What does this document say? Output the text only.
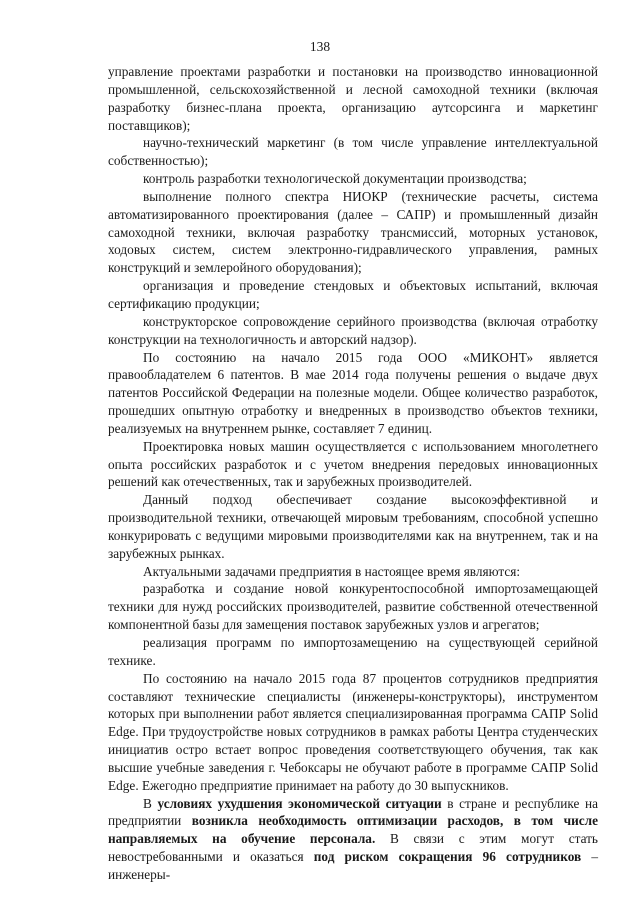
138

управление проектами разработки и постановки на производство инновационной промышленной, сельскохозяйственной и лесной самоходной техники (включая разработку бизнес-плана проекта, организацию аутсорсинга и маркетинг поставщиков);

научно-технический маркетинг (в том числе управление интеллектуальной собственностью);

контроль разработки технологической документации производства;

выполнение полного спектра НИОКР (технические расчеты, система автоматизированного проектирования (далее – САПР) и промышленный дизайн самоходной техники, включая разработку трансмиссий, моторных установок, ходовых систем, систем электронно-гидравлического управления, рамных конструкций и землеройного оборудования);

организация и проведение стендовых и объектовых испытаний, включая сертификацию продукции;

конструкторское сопровождение серийного производства (включая отработку конструкции на технологичность и авторский надзор).

По состоянию на начало 2015 года ООО «МИКОНТ» является правообладателем 6 патентов. В мае 2014 года получены решения о выдаче двух патентов Российской Федерации на полезные модели. Общее количество разработок, прошедших опытную отработку и внедренных в производство объектов техники, реализуемых на внутреннем рынке, составляет 7 единиц.

Проектировка новых машин осуществляется с использованием многолетнего опыта российских разработок и с учетом внедрения передовых инновационных решений как отечественных, так и зарубежных производителей.

Данный подход обеспечивает создание высокоэффективной и производительной техники, отвечающей мировым требованиям, способной успешно конкурировать с ведущими мировыми производителями как на внутреннем, так и на зарубежных рынках.

Актуальными задачами предприятия в настоящее время являются:

разработка и создание новой конкурентоспособной импортозамещающей техники для нужд российских производителей, развитие собственной отечественной компонентной базы для замещения поставок зарубежных узлов и агрегатов;

реализация программ по импортозамещению на существующей серийной технике.

По состоянию на начало 2015 года 87 процентов сотрудников предприятия составляют технические специалисты (инженеры-конструкторы), инструментом которых при выполнении работ является специализированная программа САПР Solid Edge. При трудоустройстве новых сотрудников в рамках работы Центра студенческих инициатив остро встает вопрос проведения соответствующего обучения, так как высшие учебные заведения г. Чебоксары не обучают работе в программе САПР Solid Edge. Ежегодно предприятие принимает на работу до 30 выпускников.

В условиях ухудшения экономической ситуации в стране и республике на предприятии возникла необходимость оптимизации расходов, в том числе направляемых на обучение персонала. В связи с этим могут стать невостребованными и оказаться под риском сокращения 96 сотрудников – инженеры-
